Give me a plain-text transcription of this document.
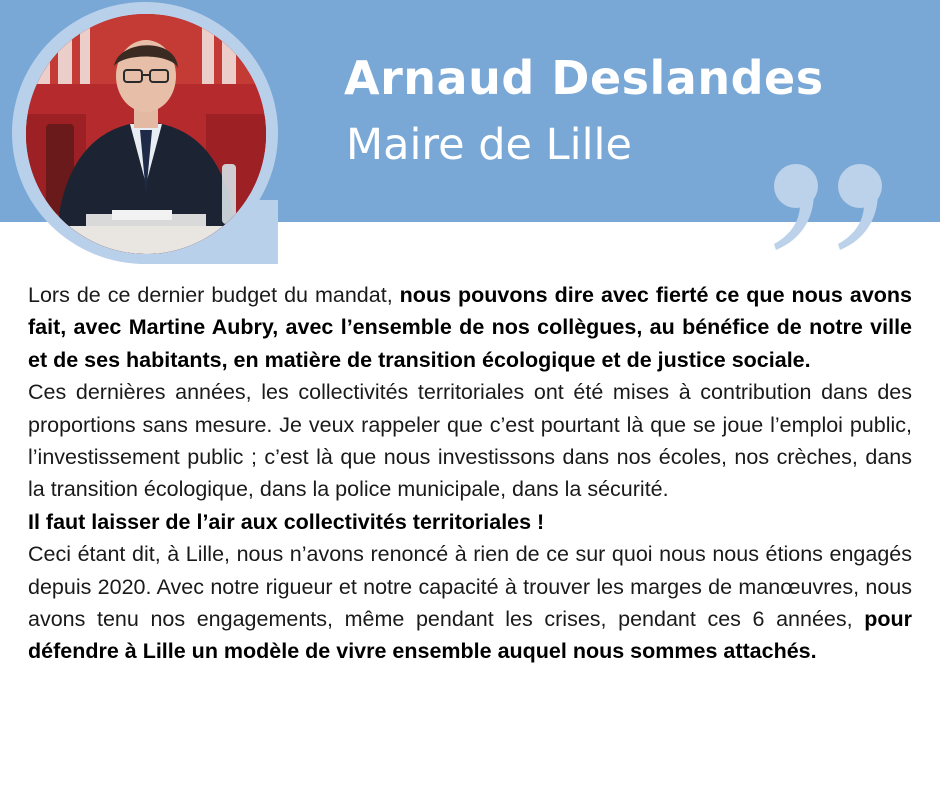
Arnaud Deslandes
Maire de Lille

Lors de ce dernier budget du mandat, nous pouvons dire avec fierté ce que nous avons fait, avec Martine Aubry, avec l’ensemble de nos collègues, au bénéfice de notre ville et de ses habitants, en matière de transition écologique et de justice sociale.

Ces dernières années, les collectivités territoriales ont été mises à contribution dans des proportions sans mesure. Je veux rappeler que c’est pourtant là que se joue l’emploi public, l’investissement public ; c’est là que nous investissons dans nos écoles, nos crèches, dans la transition écologique, dans la police municipale, dans la sécurité.

Il faut laisser de l’air aux collectivités territoriales !

Ceci étant dit, à Lille, nous n’avons renoncé à rien de ce sur quoi nous nous étions engagés depuis 2020. Avec notre rigueur et notre capacité à trouver les marges de manœuvres, nous avons tenu nos engagements, même pendant les crises, pendant ces 6 années, pour défendre à Lille un modèle de vivre ensemble auquel nous sommes attachés.
